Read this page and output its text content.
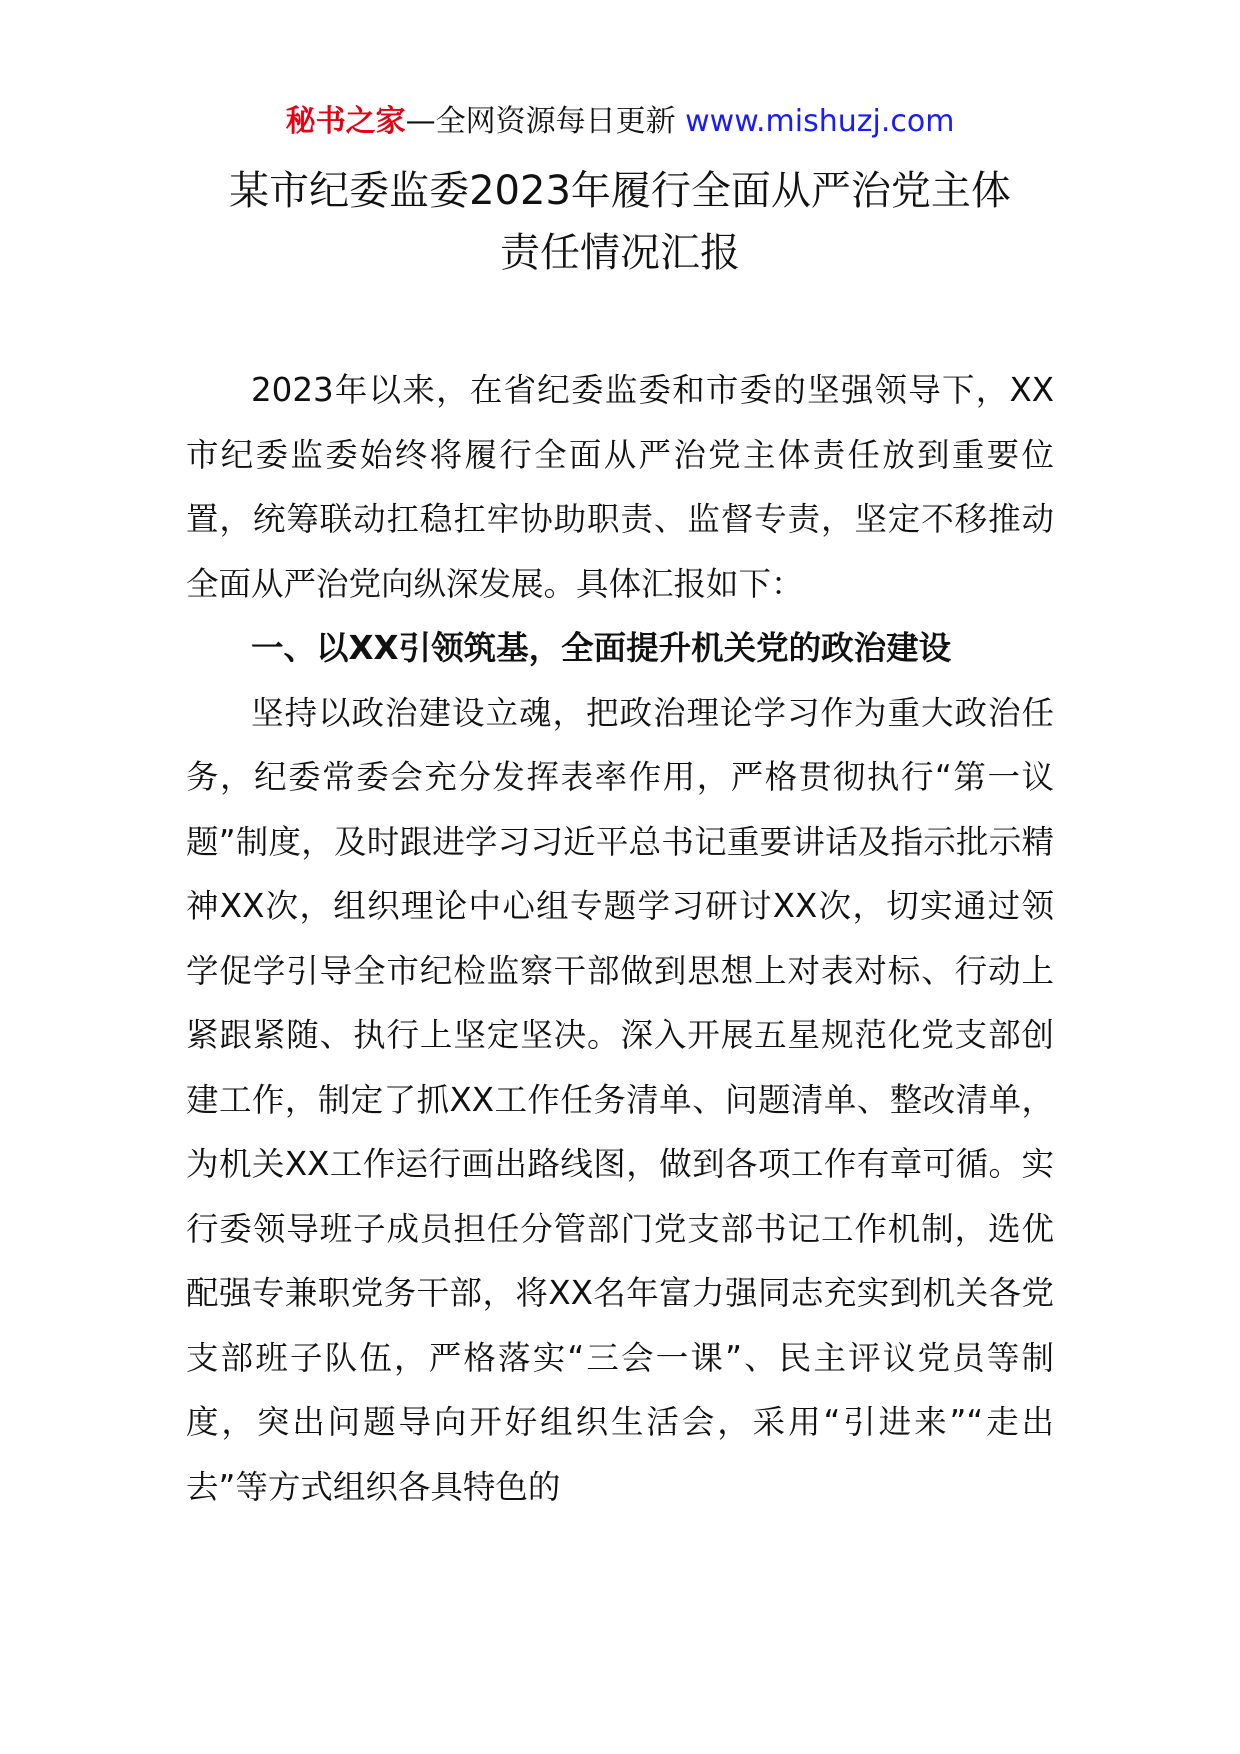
秘书之家—全网资源每日更新 www.mishuzj.com
某市纪委监委2023年履行全面从严治党主体
责任情况汇报

2023年以来，在省纪委监委和市委的坚强领导下，XX市纪委监委始终将履行全面从严治党主体责任放到重要位置，统筹联动扛稳扛牢协助职责、监督专责，坚定不移推动全面从严治党向纵深发展。具体汇报如下：

一、以XX引领筑基，全面提升机关党的政治建设

坚持以政治建设立魂，把政治理论学习作为重大政治任务，纪委常委会充分发挥表率作用，严格贯彻执行“第一议题”制度，及时跟进学习习近平总书记重要讲话及指示批示精神XX次，组织理论中心组专题学习研讨XX次，切实通过领学促学引导全市纪检监察干部做到思想上对表对标、行动上紧跟紧随、执行上坚定坚决。深入开展五星规范化党支部创建工作，制定了抓XX工作任务清单、问题清单、整改清单，为机关XX工作运行画出路线图，做到各项工作有章可循。实行委领导班子成员担任分管部门党支部书记工作机制，选优配强专兼职党务干部，将XX名年富力强同志充实到机关各党支部班子队伍，严格落实“三会一课”、民主评议党员等制度，突出问题导向开好组织生活会，采用“引进来”“走出去”等方式组织各具特色的
